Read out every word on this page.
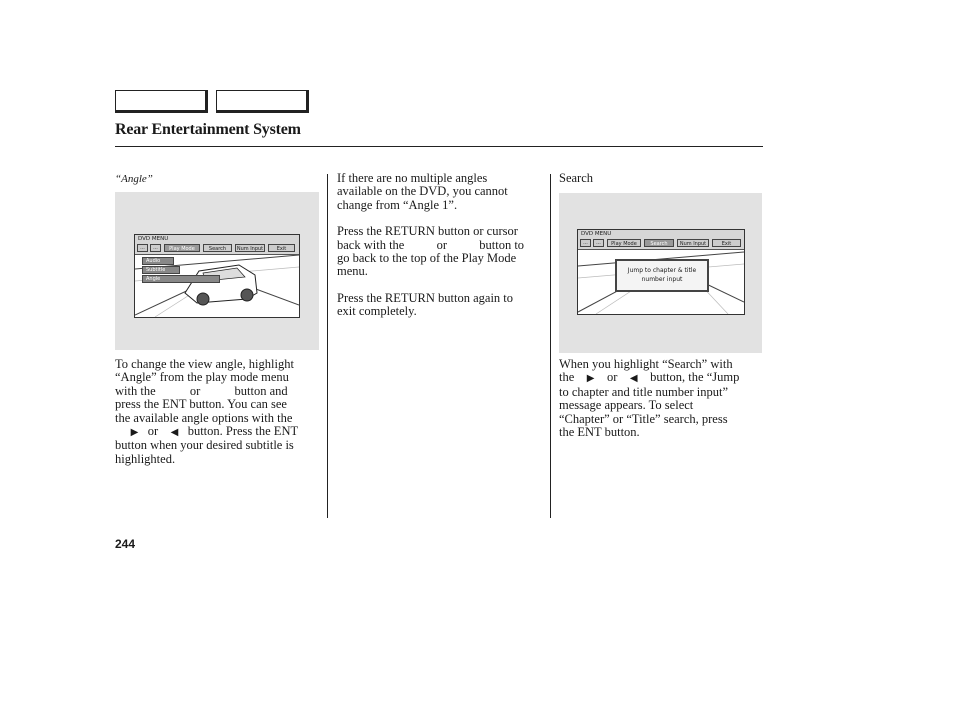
Rear Entertainment System

“Angle”

DVD MENU
···	···	Play Mode	Search	Num Input	Exit
Audio
Subtitle
Angle

To change the view angle, highlight

“Angle” from the play mode menu

with the	or	button and

press the ENT button. You can see

the available angle options with the

▶ or ◀ button. Press the ENT

button when your desired subtitle is

highlighted.

If there are no multiple angles

available on the DVD, you cannot

change from “Angle 1”.

Press the RETURN button or cursor

back with the	or	button to

go back to the top of the Play Mode

menu.

Press the RETURN button again to

exit completely.

Search

DVD MENU
···	···	Play Mode	Search	Num Input	Exit
Jump to chapter & title
number input

When you highlight “Search” with

the ▶ or ◀ button, the “Jump

to chapter and title number input”

message appears. To select

“Chapter” or “Title” search, press

the ENT button.

244
